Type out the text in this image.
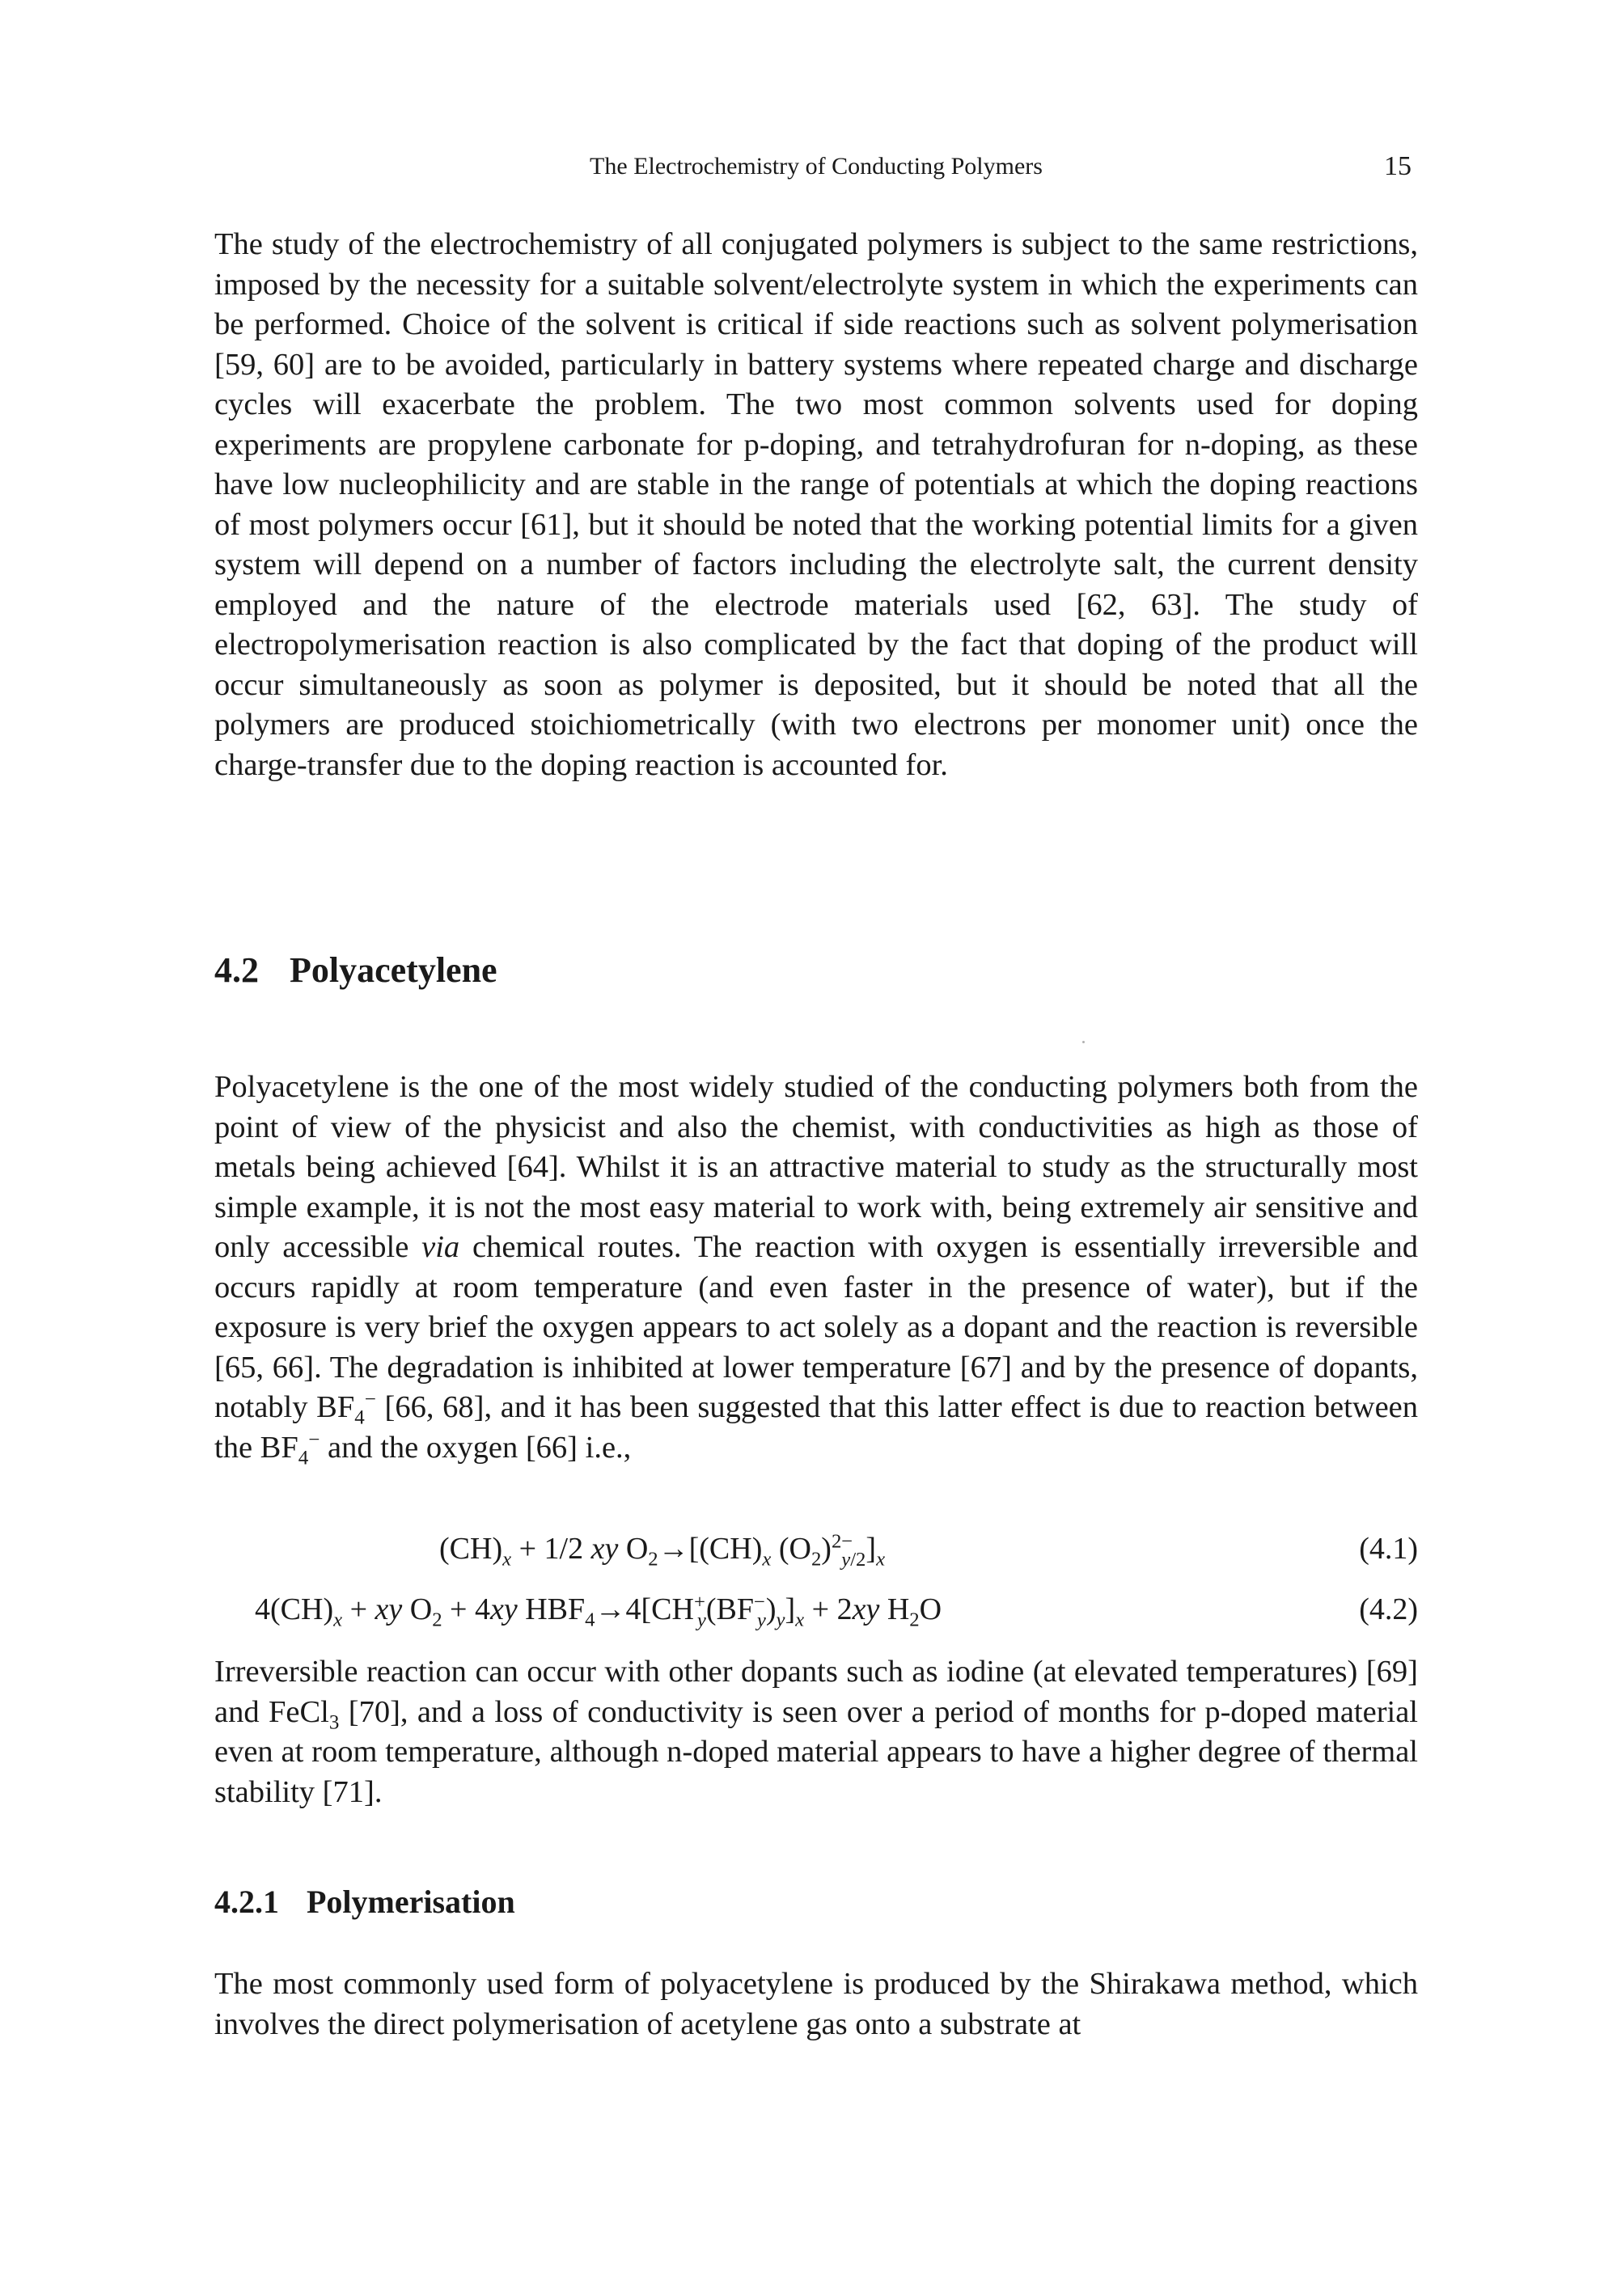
The Electrochemistry of Conducting Polymers	15
The study of the electrochemistry of all conjugated polymers is subject to the same restrictions, imposed by the necessity for a suitable solvent/electrolyte system in which the experiments can be performed. Choice of the solvent is critical if side reactions such as solvent polymerisation [59, 60] are to be avoided, particularly in battery systems where repeated charge and discharge cycles will exacerbate the problem. The two most common solvents used for doping experiments are propylene carbonate for p-doping, and tetrahydrofuran for n-doping, as these have low nucleophilicity and are stable in the range of potentials at which the doping reactions of most polymers occur [61], but it should be noted that the working potential limits for a given system will depend on a number of factors including the electrolyte salt, the current density employed and the nature of the electrode materials used [62, 63]. The study of electropolymerisation reaction is also complicated by the fact that doping of the product will occur simultaneously as soon as polymer is deposited, but it should be noted that all the polymers are produced stoichiometrically (with two electrons per monomer unit) once the charge-transfer due to the doping reaction is accounted for.
4.2 Polyacetylene
Polyacetylene is the one of the most widely studied of the conducting polymers both from the point of view of the physicist and also the chemist, with conductivities as high as those of metals being achieved [64]. Whilst it is an attractive material to study as the structurally most simple example, it is not the most easy material to work with, being extremely air sensitive and only accessible via chemical routes. The reaction with oxygen is essentially irreversible and occurs rapidly at room temperature (and even faster in the presence of water), but if the exposure is very brief the oxygen appears to act solely as a dopant and the reaction is reversible [65, 66]. The degradation is inhibited at lower temperature [67] and by the presence of dopants, notably $BF_4^-$ [66, 68], and it has been suggested that this latter effect is due to reaction between the $BF_4^-$ and the oxygen [66] i.e.,
$(CH)_x + 1/2$ xy $O_2\to[(CH)_x$ $(O_2)^{2-}_{y/2}]_x$	(4.1)
$4(CH)_x$ + xy $O_2 + 4xy$ $HBF_4\to 4[CH^+_y(BF^-_y)_y]_x + 2xy$ $H_2O$	(4.2)
Irreversible reaction can occur with other dopants such as iodine (at elevated temperatures) [69] and FeCl$_3$ [70], and a loss of conductivity is seen over a period of months for p-doped material even at room temperature, although n-doped material appears to have a higher degree of thermal stability [71].
4.2.1 Polymerisation
The most commonly used form of polyacetylene is produced by the Shirakawa method, which involves the direct polymerisation of acetylene gas onto a substrate at
